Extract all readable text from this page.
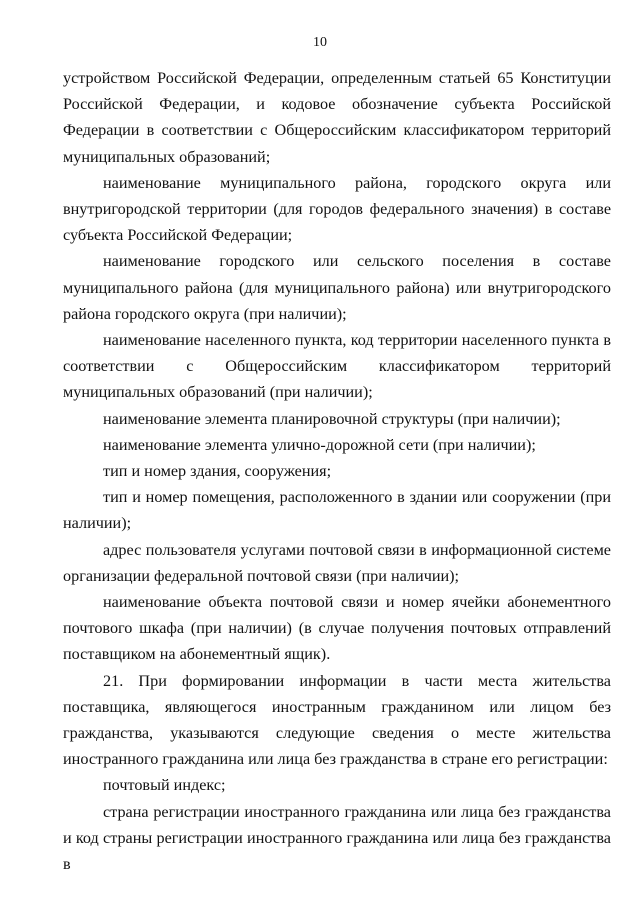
10

устройством Российской Федерации, определенным статьей 65 Конституции Российской Федерации, и кодовое обозначение субъекта Российской Федерации в соответствии с Общероссийским классификатором территорий муниципальных образований;

наименование муниципального района, городского округа или внутригородской территории (для городов федерального значения) в составе субъекта Российской Федерации;

наименование городского или сельского поселения в составе муниципального района (для муниципального района) или внутригородского района городского округа (при наличии);

наименование населенного пункта, код территории населенного пункта в соответствии с Общероссийским классификатором территорий муниципальных образований (при наличии);

наименование элемента планировочной структуры (при наличии);

наименование элемента улично-дорожной сети (при наличии);

тип и номер здания, сооружения;

тип и номер помещения, расположенного в здании или сооружении (при наличии);

адрес пользователя услугами почтовой связи в информационной системе организации федеральной почтовой связи (при наличии);

наименование объекта почтовой связи и номер ячейки абонементного почтового шкафа (при наличии) (в случае получения почтовых отправлений поставщиком на абонементный ящик).

21. При формировании информации в части места жительства поставщика, являющегося иностранным гражданином или лицом без гражданства, указываются следующие сведения о месте жительства иностранного гражданина или лица без гражданства в стране его регистрации:

почтовый индекс;

страна регистрации иностранного гражданина или лица без гражданства и код страны регистрации иностранного гражданина или лица без гражданства в
